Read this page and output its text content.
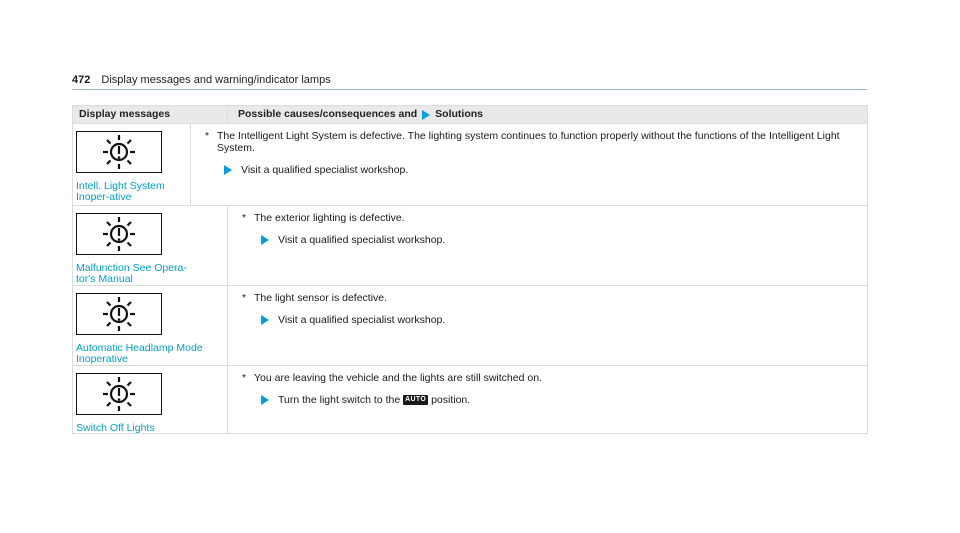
472 Display messages and warning/indicator lamps
Display messages	Possible causes/consequences and Solutions
Intell. Light System Inoper-ative
* The Intelligent Light System is defective. The lighting system continues to function properly without the functions of the Intelligent Light System.
Visit a qualified specialist workshop.
Malfunction See Opera-tor's Manual
* The exterior lighting is defective.
Visit a qualified specialist workshop.
Automatic Headlamp Mode Inoperative
* The light sensor is defective.
Visit a qualified specialist workshop.
Switch Off Lights
* You are leaving the vehicle and the lights are still switched on.
Turn the light switch to the AUTO position.
